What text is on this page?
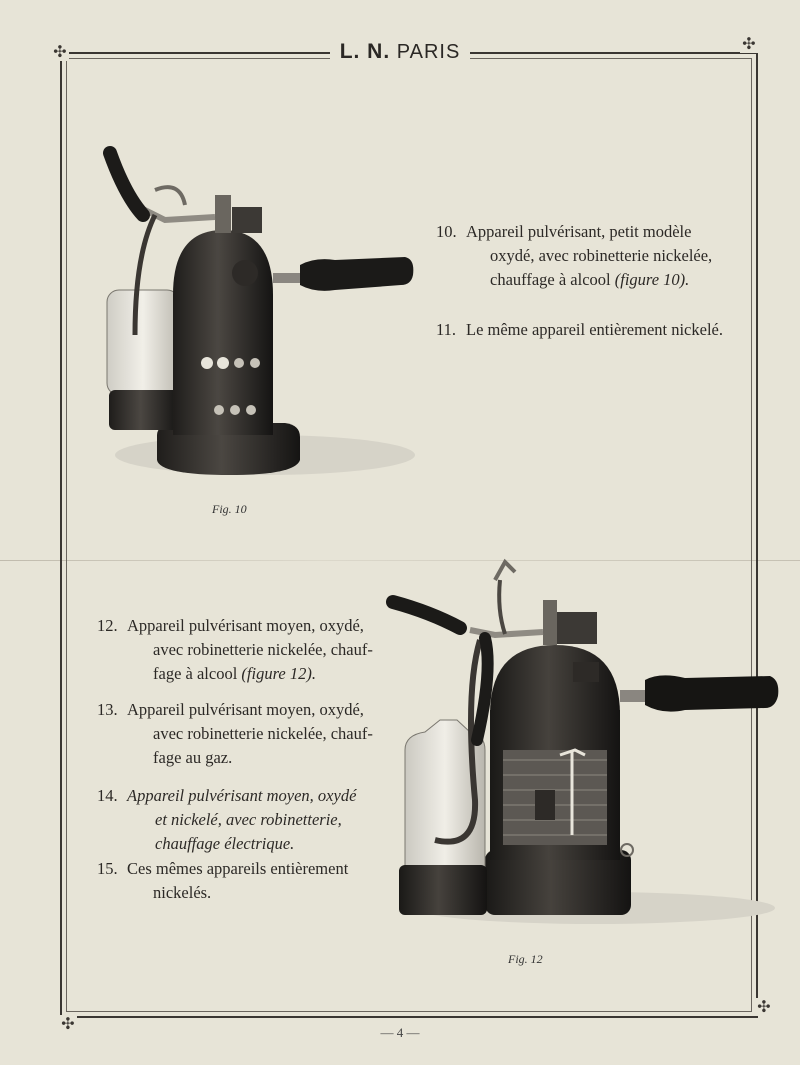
✣	✣
✣
✣
L. N. PARIS
10. Appareil pulvérisant, petit modèle
oxydé, avec robinetterie nickelée,
chauffage à alcool (figure 10).
11. Le même appareil entièrement nickelé.
Fig. 10
12. Appareil pulvérisant moyen, oxydé,
avec robinetterie nickelée, chauf-
fage à alcool (figure 12).
13. Appareil pulvérisant moyen, oxydé,
avec robinetterie nickelée, chauf-
fage au gaz.
14. Appareil pulvérisant moyen, oxydé
et nickelé, avec robinetterie,
chauffage électrique.
15. Ces mêmes appareils entièrement
nickelés.
Fig. 12
— 4 —
